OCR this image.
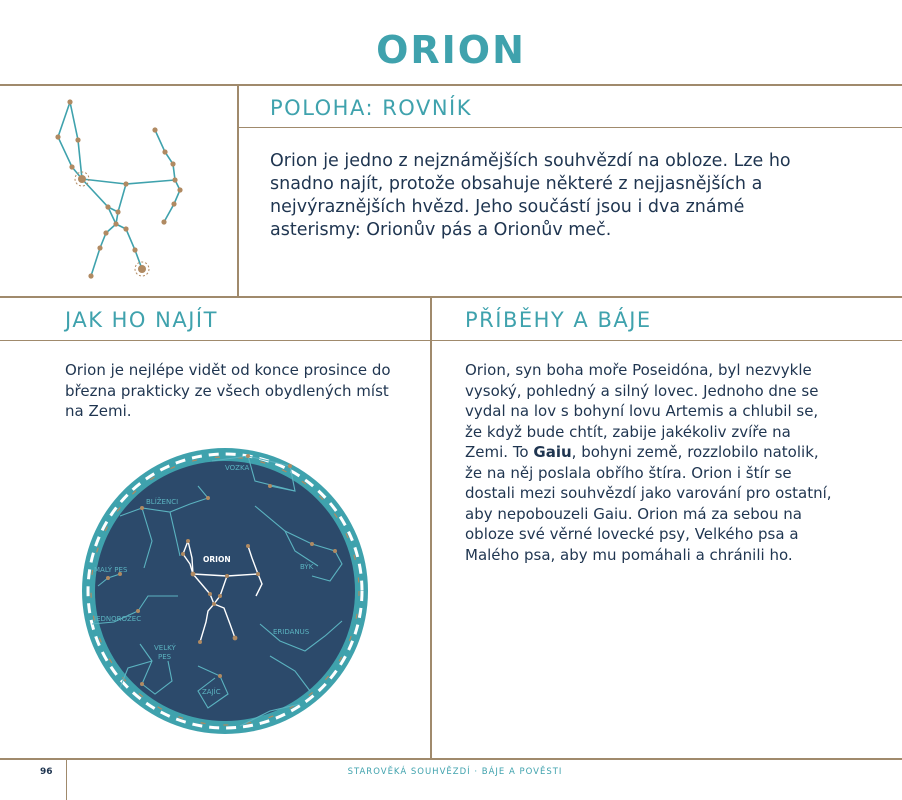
ORION
POLOHA: ROVNÍK
Orion je jedno z nejznámějších souhvězdí na obloze. Lze ho snadno najít, protože obsahuje některé z nejjasnějších a nejvýraznějších hvězd. Jeho součástí jsou i dva známé asterismy: Orionův pás a Orionův meč.
JAK HO NAJÍT
Orion je nejlépe vidět od konce prosince do března prakticky ze všech obydlených míst na Zemi.
VOZKA
BLÍŽENCI
MALÝ PES	BÝK
JEDNOROŽEC
ERIDANUS
VELKÝ
PES
ZAJÍC
ORION
PŘÍBĚHY A BÁJE
Orion, syn boha moře Poseidóna, byl nezvykle vysoký, pohledný a silný lovec. Jednoho dne se vydal na lov s bohyní lovu Artemis a chlubil se, že když bude chtít, zabije jakékoliv zvíře na Zemi. To Gaiu, bohyni země, rozzlobilo natolik, že na něj poslala obřího štíra. Orion i štír se dostali mezi souhvězdí jako varování pro ostatní, aby nepobouzeli Gaiu. Orion má za sebou na obloze své věrné lovecké psy, Velkého psa a Malého psa, aby mu pomáhali a chránili ho.
96	STAROVĚKÁ SOUHVĚZDÍ · BÁJE A POVĚSTI
